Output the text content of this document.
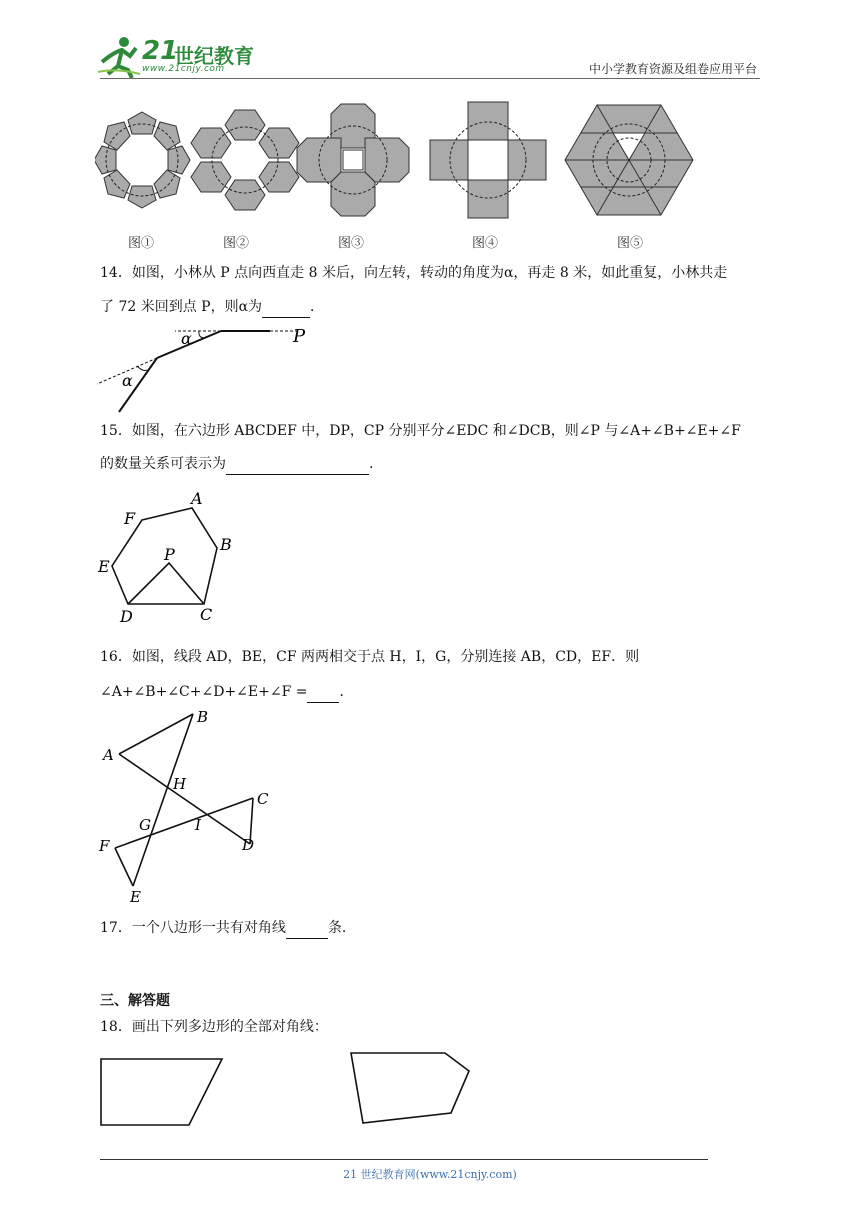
21
世纪教育
www.21cnjy.com	中小学教育资源及组卷应用平台
图①	图②	图③	图④	图⑤
14．如图，小林从 P 点向西直走 8 米后，向左转，转动的角度为α，再走 8 米，如此重复，小林共走
了 72 米回到点 P，则α为	．
α
α
P
15．如图，在六边形 ABCDEF 中，DP，CP 分别平分∠EDC 和∠DCB，则∠P 与∠A+∠B+∠E+∠F
的数量关系可表示为	．
A
B
C
D
E
F
P
16．如图，线段 AD，BE，CF 两两相交于点 H，I，G，分别连接 AB，CD，EF．则
∠A+∠B+∠C+∠D+∠E+∠F = ．
A
B
C
D
E
F
G
H
I
17．一个八边形一共有对角线	条．
三、解答题
18．画出下列多边形的全部对角线：
21 世纪教育网(www.21cnjy.com)
